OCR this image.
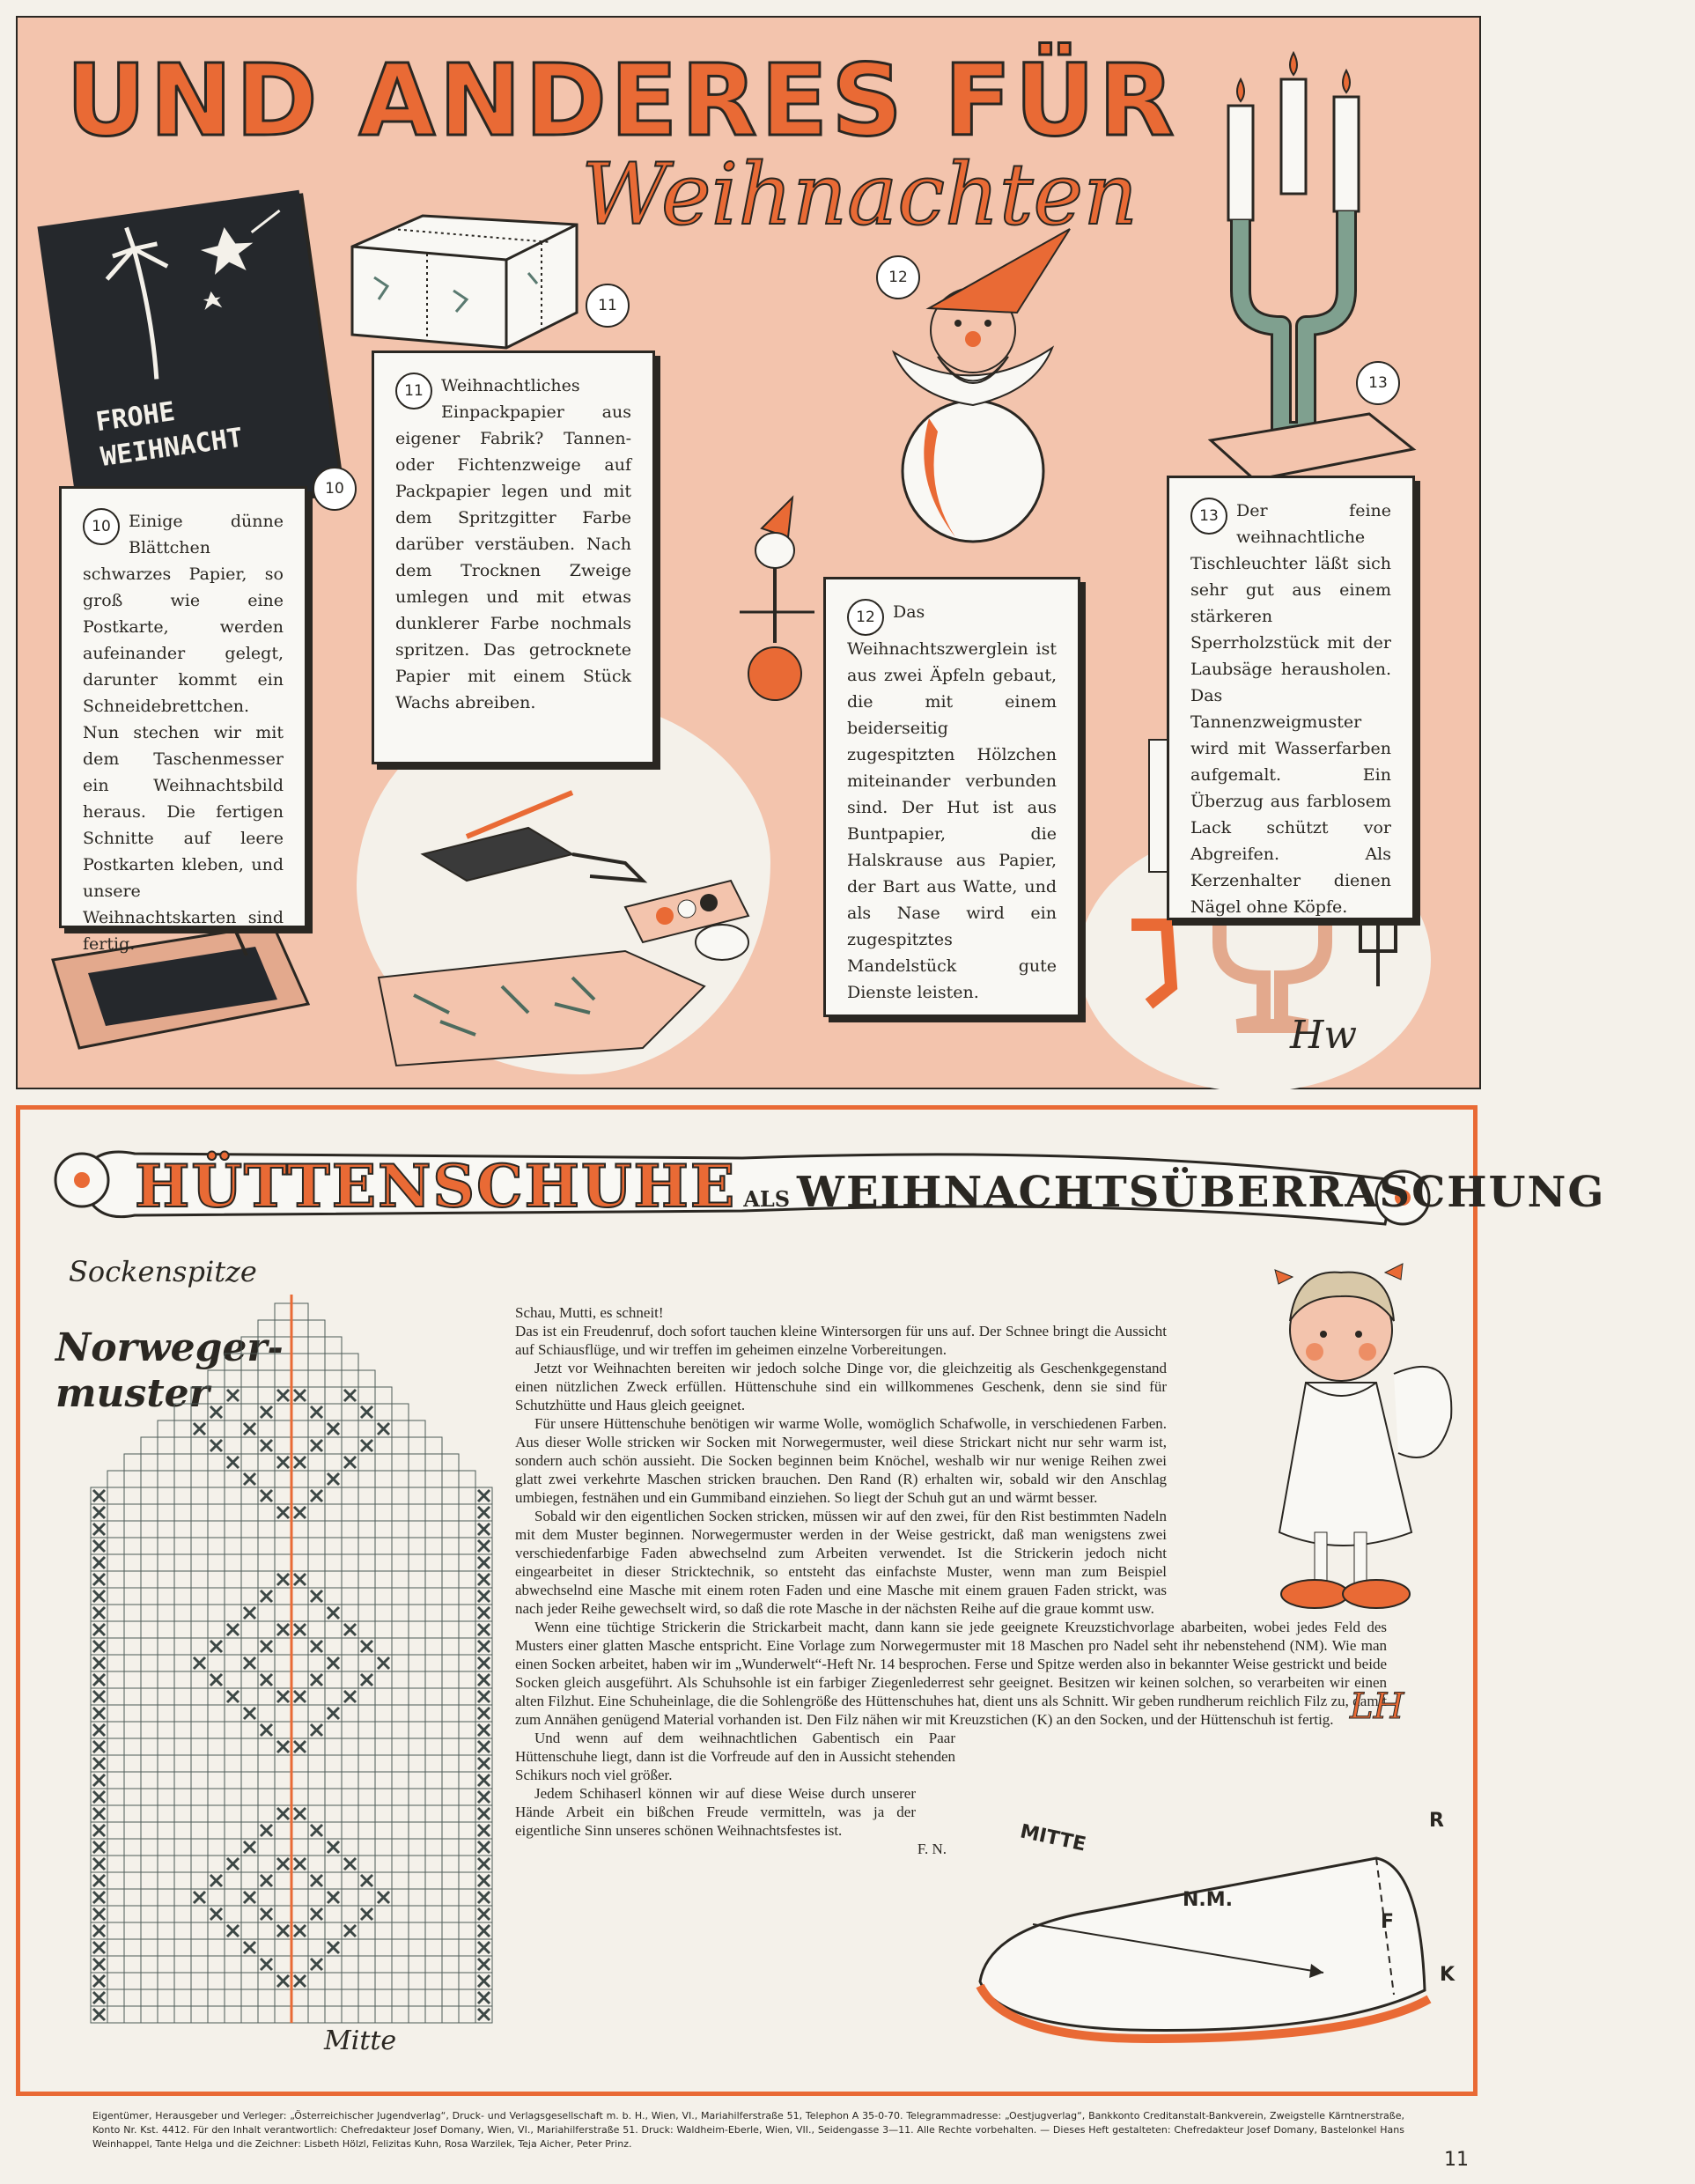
UND ANDERES FÜR
Weihnachten
FROHE
WEIHNACHT
10	Einige dünne Blättchen schwarzes Papier, so groß wie eine Postkarte, werden aufeinander gelegt, darunter kommt ein Schneidebrettchen. Nun stechen wir mit dem Taschenmesser ein Weihnachtsbild heraus. Die fertigen Schnitte auf leere Postkarten kleben, und unsere Weihnachtskarten sind fertig.
11	Weihnachtliches Einpackpapier aus eigener Fabrik? Tannen- oder Fichtenzweige auf Packpapier legen und mit dem Spritzgitter Farbe darüber verstäuben. Nach dem Trocknen Zweige umlegen und mit etwas dunklerer Farbe nochmals spritzen. Das getrocknete Papier mit einem Stück Wachs abreiben.
12	Das Weihnachtszwerglein ist aus zwei Äpfeln gebaut, die mit einem beiderseitig zugespitzten Hölzchen miteinander verbunden sind. Der Hut ist aus Buntpapier, die Halskrause aus Papier, der Bart aus Watte, und als Nase wird ein zugespitztes Mandelstück gute Dienste leisten.
13	Der feine weihnachtliche Tischleuchter läßt sich sehr gut aus einem stärkeren Sperrholzstück mit der Laubsäge herausholen. Das Tannenzweigmuster wird mit Wasserfarben aufgemalt. Ein Überzug aus farblosem Lack schützt vor Abgreifen. Als Kerzenhalter dienen Nägel ohne Köpfe.
10
11
12
13
Hw
HÜTTENSCHUHE ALS WEIHNACHTSÜBERRASCHUNG
Sockenspitze
Norweger-
muster
Mitte

Schau, Mutti, es schneit!

Das ist ein Freudenruf, doch sofort tauchen kleine Wintersorgen für uns auf. Der Schnee bringt die Aussicht auf Schiausflüge, und wir treffen im geheimen einzelne Vorbereitungen.

Jetzt vor Weihnachten bereiten wir jedoch solche Dinge vor, die gleichzeitig als Geschenkgegenstand einen nützlichen Zweck erfüllen. Hüttenschuhe sind ein willkommenes Geschenk, denn sie sind für Schutzhütte und Haus gleich geeignet.

Für unsere Hüttenschuhe benötigen wir warme Wolle, womöglich Schafwolle, in verschiedenen Farben. Aus dieser Wolle stricken wir Socken mit Norwegermuster, weil diese Strickart nicht nur sehr warm ist, sondern auch schön aussieht. Die Socken beginnen beim Knöchel, weshalb wir nur wenige Reihen zwei glatt zwei verkehrte Maschen stricken brauchen. Den Rand (R) erhalten wir, sobald wir den Anschlag umbiegen, festnähen und ein Gummiband einziehen. So liegt der Schuh gut an und wärmt besser.

Sobald wir den eigentlichen Socken stricken, müssen wir auf den zwei, für den Rist bestimmten Nadeln mit dem Muster beginnen. Norwegermuster werden in der Weise gestrickt, daß man wenigstens zwei verschiedenfarbige Faden abwechselnd zum Arbeiten verwendet. Ist die Strickerin jedoch nicht eingearbeitet in dieser Stricktechnik, so entsteht das einfachste Muster, wenn man zum Beispiel abwechselnd eine Masche mit einem roten Faden und eine Masche mit einem grauen Faden strickt, was nach jeder Reihe gewechselt wird, so daß die rote Masche in der nächsten Reihe auf die graue kommt usw.

Wenn eine tüchtige Strickerin die Strickarbeit macht, dann kann sie jede geeignete Kreuzstichvorlage abarbeiten, wobei jedes Feld des Musters einer glatten Masche entspricht. Eine Vorlage zum Norwegermuster mit 18 Maschen pro Nadel seht ihr nebenstehend (NM). Wie man einen Socken arbeitet, haben wir im „Wunderwelt“-Heft Nr. 14 besprochen. Ferse und Spitze werden also in bekannter Weise gestrickt und beide Socken gleich ausgeführt. Als Schuhsohle ist ein farbiger Ziegenlederrest sehr geeignet. Besitzen wir keinen solchen, so verarbeiten wir einen alten Filzhut. Eine Schuheinlage, die die Sohlengröße des Hüttenschuhes hat, dient uns als Schnitt. Wir geben rundherum reichlich Filz zu, damit zum Annähen genügend Material vorhanden ist. Den Filz nähen wir mit Kreuzstichen (K) an den Socken, und der Hüttenschuh ist fertig.

Und wenn auf dem weihnachtlichen Gabentisch ein Paar Hüttenschuhe liegt, dann ist die Vorfreude auf den in Aussicht stehenden Schikurs noch viel größer.

Jedem Schihaserl können wir auf diese Weise durch unserer Hände Arbeit ein bißchen Freude vermitteln, was ja der eigentliche Sinn unseres schönen Weihnachtsfestes ist.

F. N.
LH
MITTE
N.M.
F
R
K
Eigentümer, Herausgeber und Verleger: „Österreichischer Jugendverlag“, Druck- und Verlagsgesellschaft m. b. H., Wien, VI., Mariahilferstraße 51, Telephon A 35-0-70. Telegrammadresse: „Oestjugverlag“, Bankkonto Creditanstalt-Bankverein, Zweigstelle Kärntnerstraße, Konto Nr. Kst. 4412. Für den Inhalt verantwortlich: Chefredakteur Josef Domany, Wien, VI., Mariahilferstraße 51. Druck: Waldheim-Eberle, Wien, VII., Seidengasse 3—11. Alle Rechte vorbehalten. — Dieses Heft gestalteten: Chefredakteur Josef Domany, Bastelonkel Hans Weinhappel, Tante Helga und die Zeichner: Lisbeth Hölzl, Felizitas Kuhn, Rosa Warzilek, Teja Aicher, Peter Prinz.
11
